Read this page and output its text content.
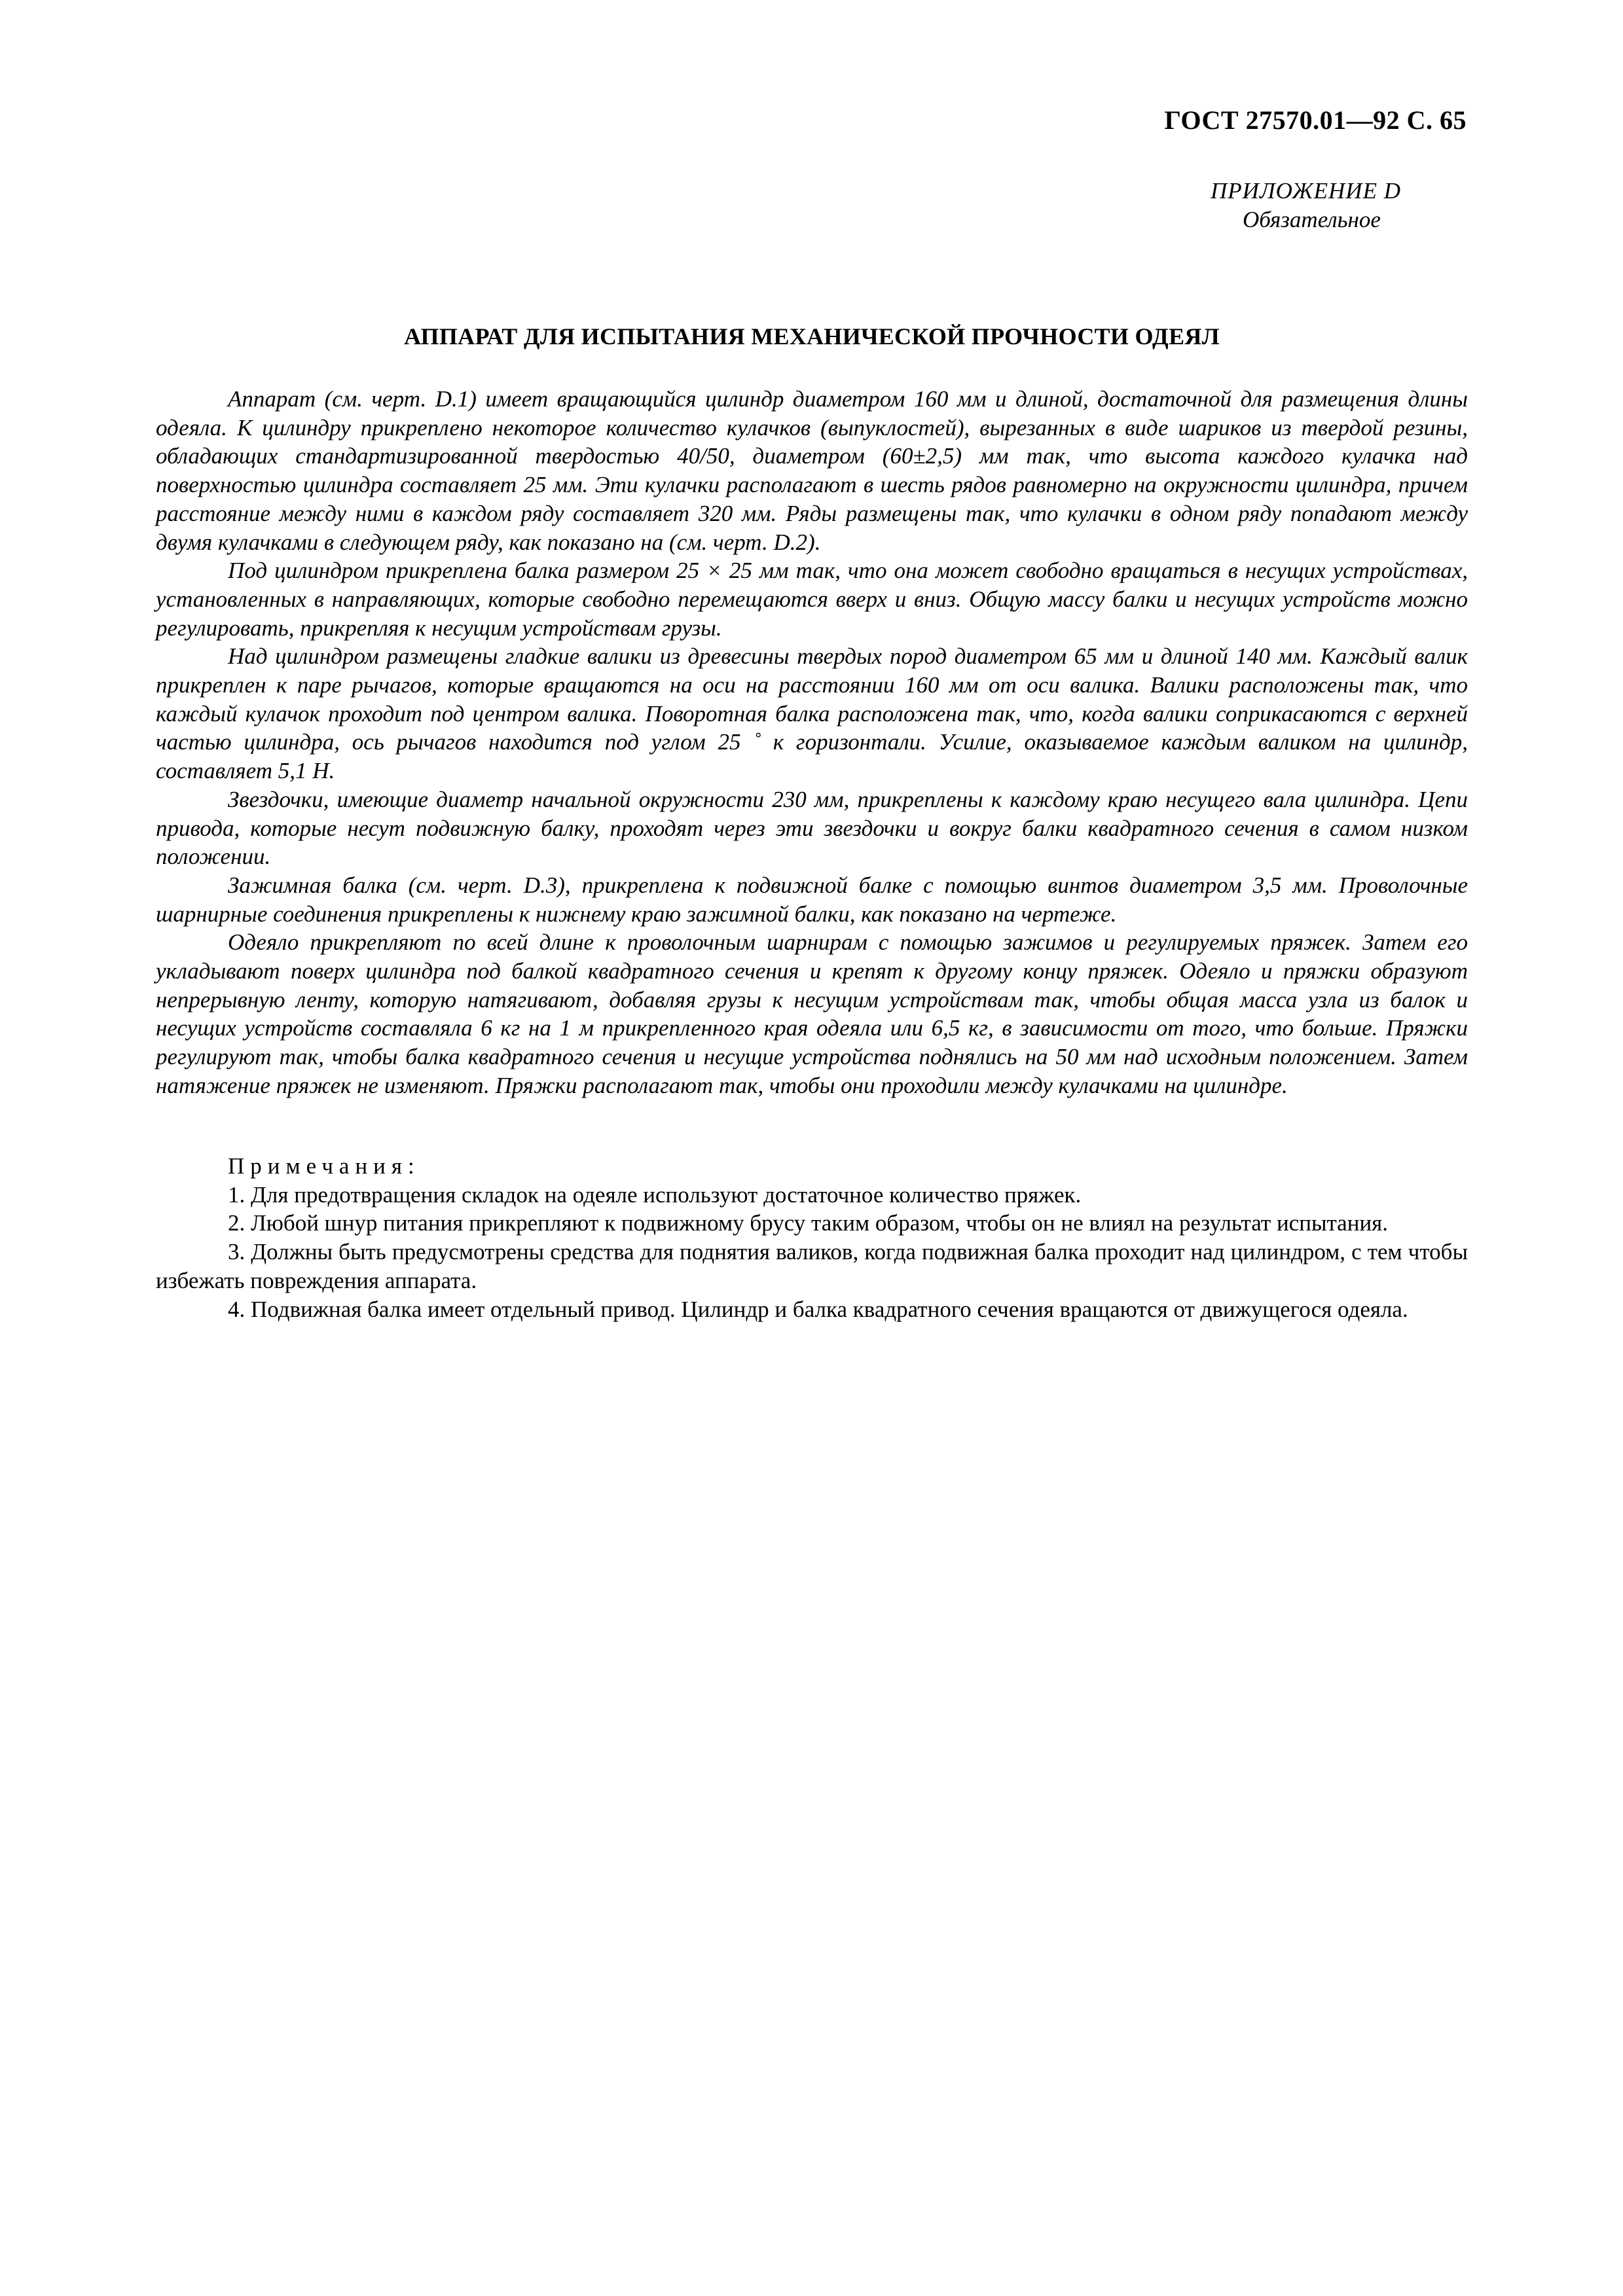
ГОСТ 27570.01—92 С. 65
ПРИЛОЖЕНИЕ D
Обязательное
АППАРАТ ДЛЯ ИСПЫТАНИЯ МЕХАНИЧЕСКОЙ ПРОЧНОСТИ ОДЕЯЛ

Аппарат (см. черт. D.1) имеет вращающийся цилиндр диаметром 160 мм и длиной, достаточной для размещения длины одеяла. К цилиндру прикреплено некоторое количество кулачков (выпуклостей), вырезанных в виде шариков из твердой резины, обладающих стандартизированной твердостью 40/50, диаметром (60±2,5) мм так, что высота каждого кулачка над поверхностью цилиндра составляет 25 мм. Эти кулачки располагают в шесть рядов равномерно на окружности цилиндра, причем расстояние между ними в каждом ряду составляет 320 мм. Ряды размещены так, что кулачки в одном ряду попадают между двумя кулачками в следующем ряду, как показано на (см. черт. D.2).

Под цилиндром прикреплена балка размером 25 × 25 мм так, что она может свободно вращаться в несущих устройствах, установленных в направляющих, которые свободно перемещаются вверх и вниз. Общую массу балки и несущих устройств можно регулировать, прикрепляя к несущим устройствам грузы.

Над цилиндром размещены гладкие валики из древесины твердых пород диаметром 65 мм и длиной 140 мм. Каждый валик прикреплен к паре рычагов, которые вращаются на оси на расстоянии 160 мм от оси валика. Валики расположены так, что каждый кулачок проходит под центром валика. Поворотная балка расположена так, что, когда валики соприкасаются с верхней частью цилиндра, ось рычагов находится под углом 25 ˚ к горизонтали. Усилие, оказываемое каждым валиком на цилиндр, составляет 5,1 Н.

Звездочки, имеющие диаметр начальной окружности 230 мм, прикреплены к каждому краю несущего вала цилиндра. Цепи привода, которые несут подвижную балку, проходят через эти звездочки и вокруг балки квадратного сечения в самом низком положении.

Зажимная балка (см. черт. D.3), прикреплена к подвижной балке с помощью винтов диаметром 3,5 мм. Проволочные шарнирные соединения прикреплены к нижнему краю зажимной балки, как показано на чертеже.

Одеяло прикрепляют по всей длине к проволочным шарнирам с помощью зажимов и регулируемых пряжек. Затем его укладывают поверх цилиндра под балкой квадратного сечения и крепят к другому концу пряжек. Одеяло и пряжки образуют непрерывную ленту, которую натягивают, добавляя грузы к несущим устройствам так, чтобы общая масса узла из балок и несущих устройств составляла 6 кг на 1 м прикрепленного края одеяла или 6,5 кг, в зависимости от того, что больше. Пряжки регулируют так, чтобы балка квадратного сечения и несущие устройства поднялись на 50 мм над исходным положением. Затем натяжение пряжек не изменяют. Пряжки располагают так, чтобы они проходили между кулачками на цилиндре.

Примечания:

1. Для предотвращения складок на одеяле используют достаточное количество пряжек.

2. Любой шнур питания прикрепляют к подвижному брусу таким образом, чтобы он не влиял на результат испытания.

3. Должны быть предусмотрены средства для поднятия валиков, когда подвижная балка проходит над цилиндром, с тем чтобы избежать повреждения аппарата.

4. Подвижная балка имеет отдельный привод. Цилиндр и балка квадратного сечения вращаются от движущегося одеяла.
